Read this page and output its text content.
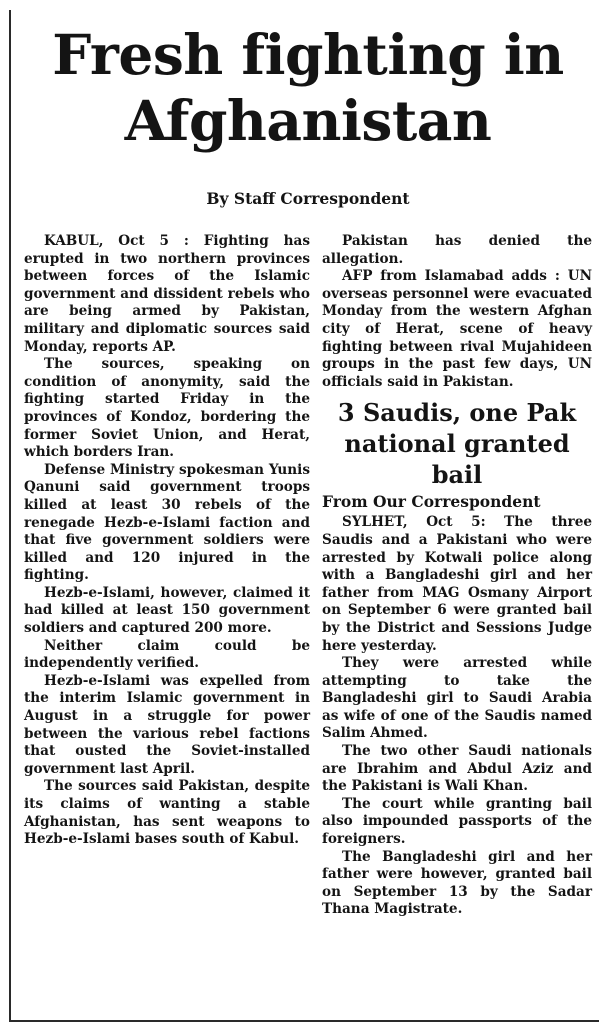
Fresh fighting in
Afghanistan
By Staff Correspondent

KABUL, Oct 5 : Fighting has erupted in two northern provinces between forces of the Islamic government and dissident rebels who are being armed by Pakistan, military and diplomatic sources said Monday, reports AP.

The sources, speaking on condition of anonymity, said the fighting started Friday in the provinces of Kondoz, bordering the former Soviet Union, and Herat, which borders Iran.

Defense Ministry spokesman Yunis Qanuni said government troops killed at least 30 rebels of the renegade Hezb-e-Islami faction and that five government soldiers were killed and 120 injured in the fighting.

Hezb-e-Islami, however, claimed it had killed at least 150 government soldiers and captured 200 more.

Neither claim could be independently verified.

Hezb-e-Islami was expelled from the interim Islamic government in August in a struggle for power between the various rebel factions that ousted the Soviet-installed government last April.

The sources said Pakistan, despite its claims of wanting a stable Afghanistan, has sent weapons to Hezb-e-Islami bases south of Kabul.

Pakistan has denied the allegation.

AFP from Islamabad adds : UN overseas personnel were evacuated Monday from the western Afghan city of Herat, scene of heavy fighting between rival Mujahideen groups in the past few days, UN officials said in Pakistan.

3 Saudis, one Pak national granted bail
From Our Correspondent

SYLHET, Oct 5: The three Saudis and a Pakistani who were arrested by Kotwali police along with a Bangladeshi girl and her father from MAG Osmany Airport on September 6 were granted bail by the District and Sessions Judge here yesterday.

They were arrested while attempting to take the Bangladeshi girl to Saudi Arabia as wife of one of the Saudis named Salim Ahmed.

The two other Saudi nationals are Ibrahim and Abdul Aziz and the Pakistani is Wali Khan.

The court while granting bail also impounded passports of the foreigners.

The Bangladeshi girl and her father were however, granted bail on September 13 by the Sadar Thana Magistrate.
